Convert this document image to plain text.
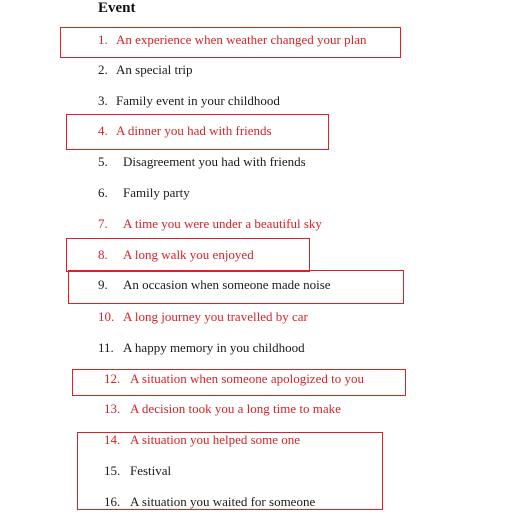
Event
1. An experience when weather changed your plan
2. An special trip
3. Family event in your childhood
4. A dinner you had with friends
5. Disagreement you had with friends
6. Family party
7. A time you were under a beautiful sky
8. A long walk you enjoyed
9. An occasion when someone made noise
10. A long journey you travelled by car
11. A happy memory in you childhood
12. A situation when someone apologized to you
13. A decision took you a long time to make
14. A situation you helped some one
15. Festival
16. A situation you waited for someone
